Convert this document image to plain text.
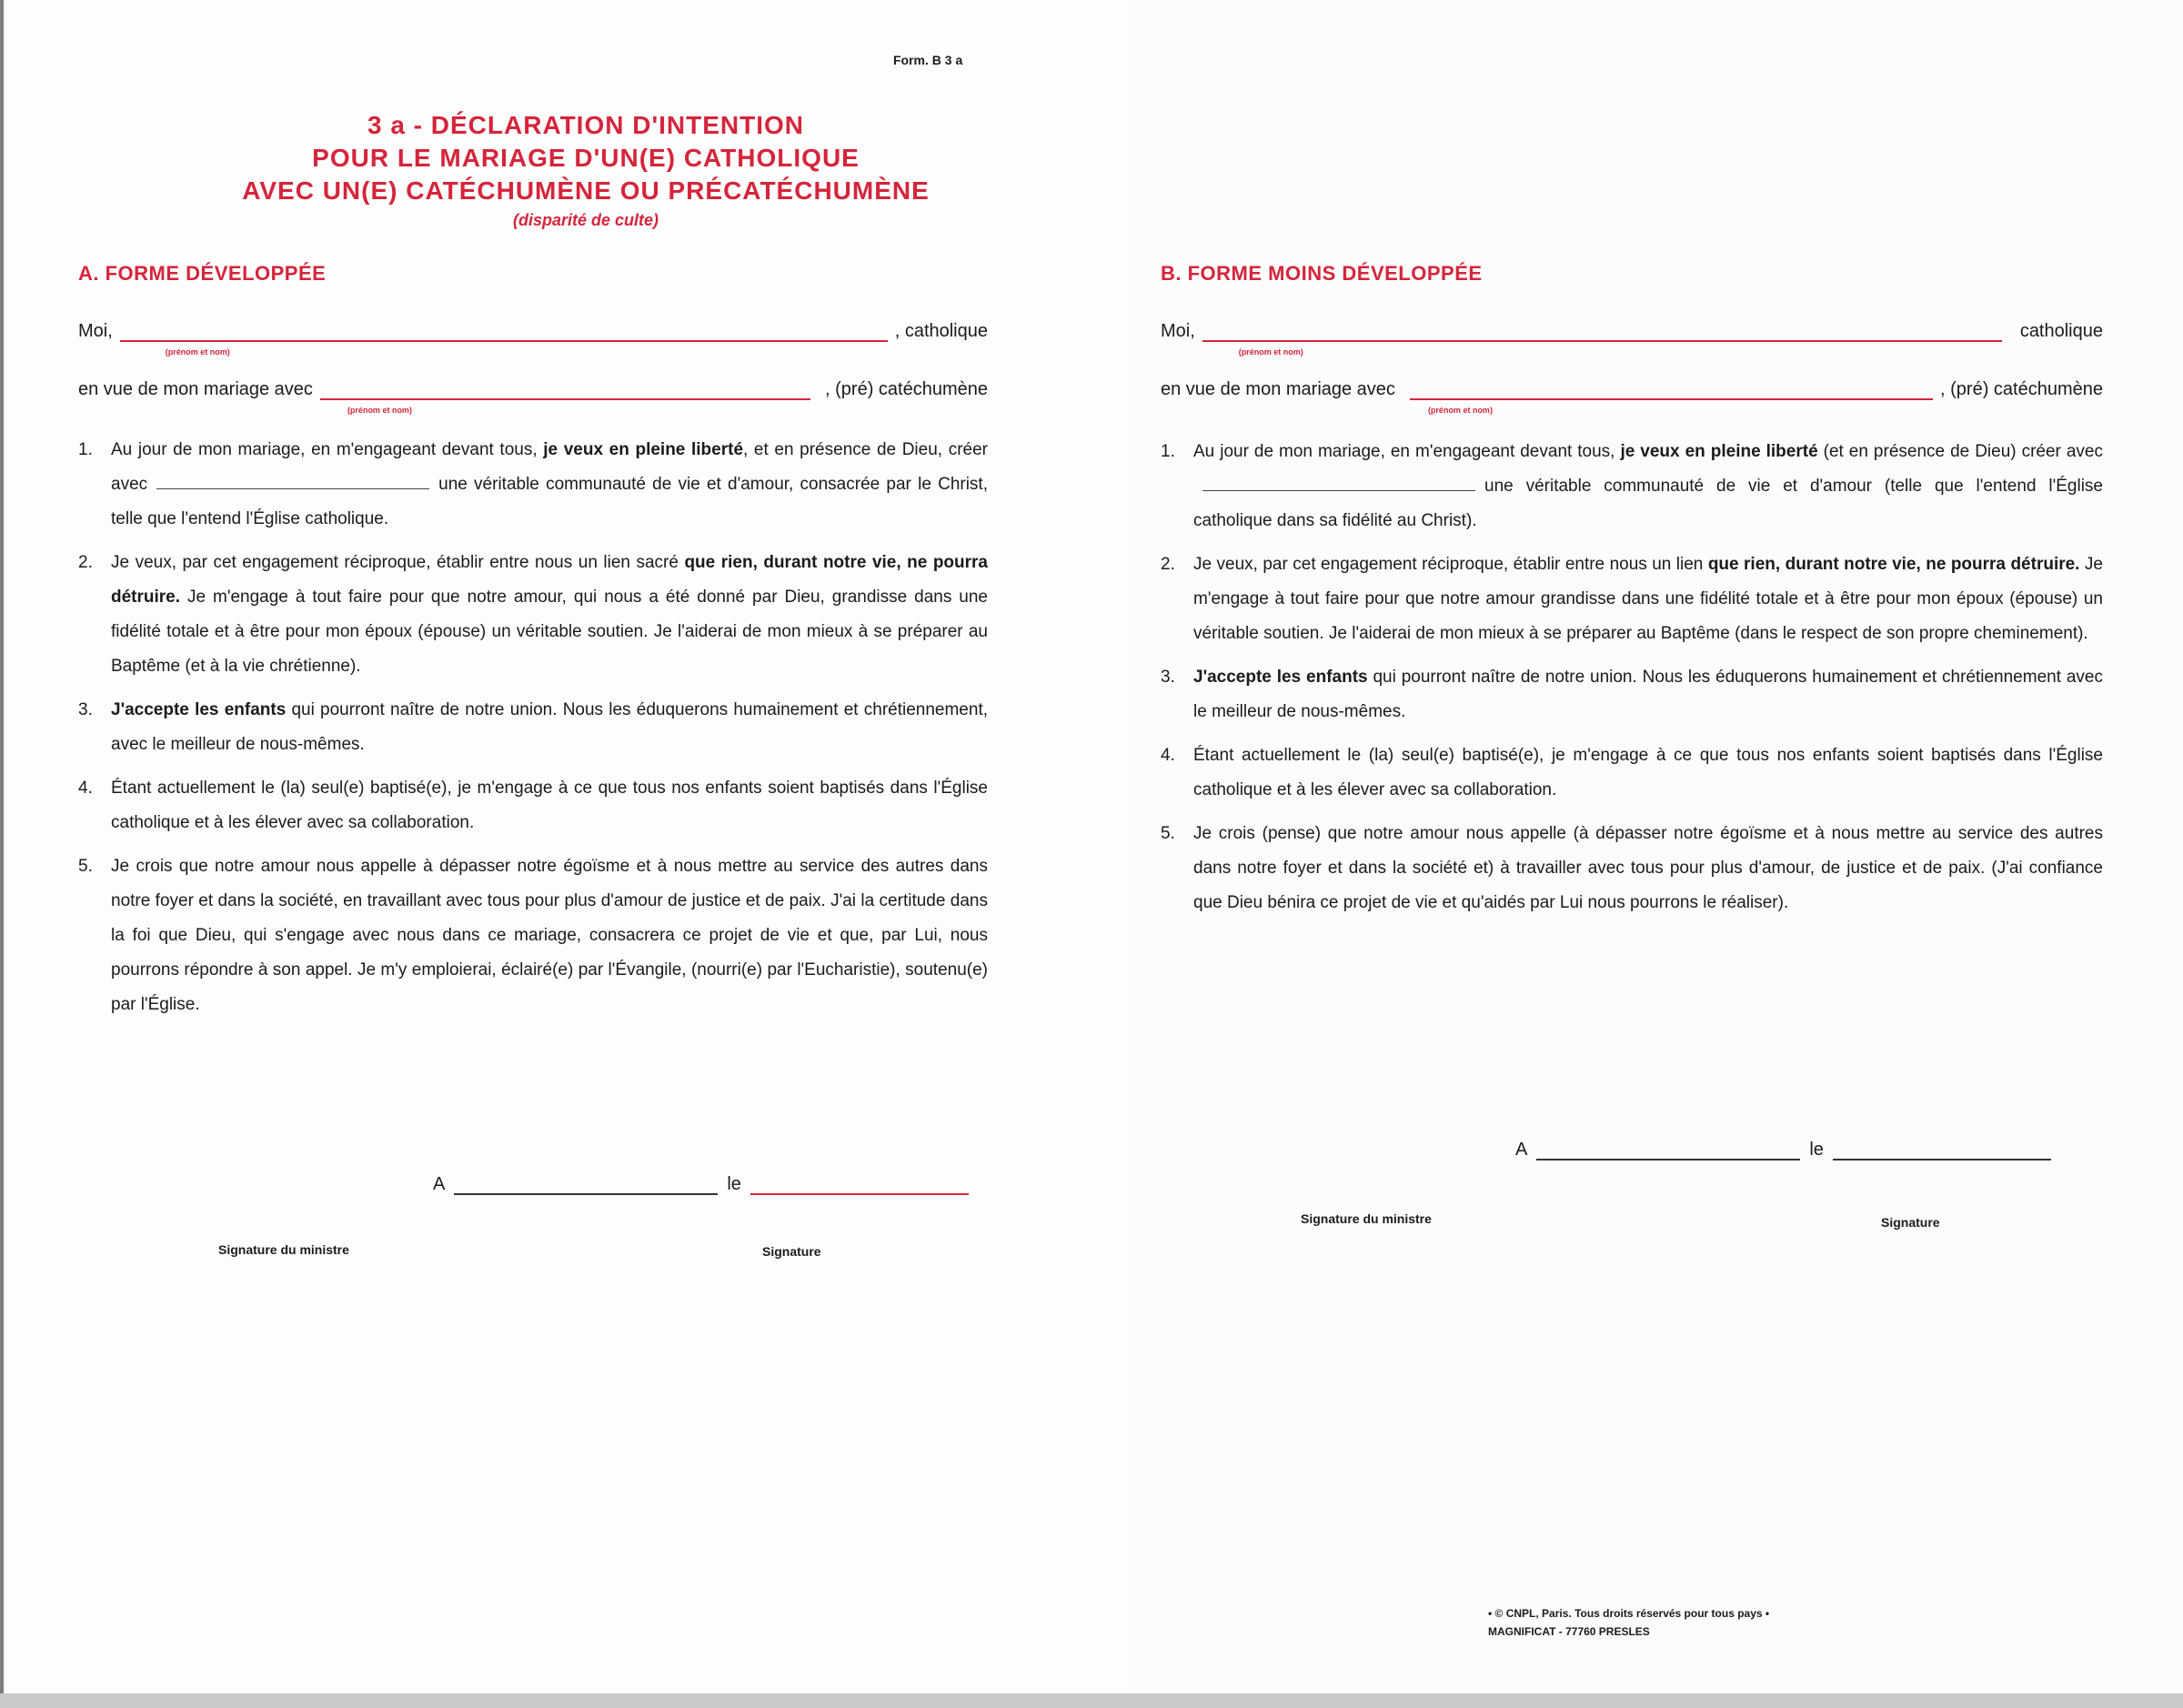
Form. B 3 a
3 a - DÉCLARATION D'INTENTION
POUR LE MARIAGE D'UN(E) CATHOLIQUE
AVEC UN(E) CATÉCHUMÈNE OU PRÉCATÉCHUMÈNE
(disparité de culte)
A. FORME DÉVELOPPÉE
Moi,
(prénom et nom)
, catholique
en vue de mon mariage avec
(prénom et nom)
, (pré) catéchumène
1. Au jour de mon mariage, en m'engageant devant tous, je veux en pleine liberté, et en présence de Dieu, créer avec	une véritable communauté de vie et d'amour, consacrée par le Christ, telle que l'entend l'Église catholique.
2. Je veux, par cet engagement réciproque, établir entre nous un lien sacré que rien, durant notre vie, ne pourra détruire. Je m'engage à tout faire pour que notre amour, qui nous a été donné par Dieu, grandisse dans une fidélité totale et à être pour mon époux (épouse) un véritable soutien. Je l'aiderai de mon mieux à se préparer au Baptême (et à la vie chrétienne).
3. J'accepte les enfants qui pourront naître de notre union. Nous les éduquerons humainement et chrétiennement, avec le meilleur de nous-mêmes.
4. Étant actuellement le (la) seul(e) baptisé(e), je m'engage à ce que tous nos enfants soient baptisés dans l'Église catholique et à les élever avec sa collaboration.
5. Je crois que notre amour nous appelle à dépasser notre égoïsme et à nous mettre au service des autres dans notre foyer et dans la société, en travaillant avec tous pour plus d'amour de justice et de paix. J'ai la certitude dans la foi que Dieu, qui s'engage avec nous dans ce mariage, consacrera ce projet de vie et que, par Lui, nous pourrons répondre à son appel. Je m'y emploierai, éclairé(e) par l'Évangile, (nourri(e) par l'Eucharistie), soutenu(e) par l'Église.
A	le
Signature du ministre	Signature
B. FORME MOINS DÉVELOPPÉE
Moi,
(prénom et nom)
catholique
en vue de mon mariage avec
(prénom et nom)
, (pré) catéchumène
1. Au jour de mon mariage, en m'engageant devant tous, je veux en pleine liberté (et en présence de Dieu) créer avecune véritable communauté de vie et d'amour (telle que l'entend l'Église catholique dans sa fidélité au Christ).
2. Je veux, par cet engagement réciproque, établir entre nous un lien que rien, durant notre vie, ne pourra détruire. Je m'engage à tout faire pour que notre amour grandisse dans une fidélité totale et à être pour mon époux (épouse) un véritable soutien. Je l'aiderai de mon mieux à se préparer au Baptême (dans le respect de son propre cheminement).
3. J'accepte les enfants qui pourront naître de notre union. Nous les éduquerons humainement et chrétiennement avec le meilleur de nous-mêmes.
4. Étant actuellement le (la) seul(e) baptisé(e), je m'engage à ce que tous nos enfants soient baptisés dans l'Église catholique et à les élever avec sa collaboration.
5. Je crois (pense) que notre amour nous appelle (à dépasser notre égoïsme et à nous mettre au service des autres dans notre foyer et dans la société et) à travailler avec tous pour plus d'amour, de justice et de paix. (J'ai confiance que Dieu bénira ce projet de vie et qu'aidés par Lui nous pourrons le réaliser).
A	le
Signature du ministre	Signature
• © CNPL, Paris. Tous droits réservés pour tous pays •
MAGNIFICAT - 77760 PRESLES
